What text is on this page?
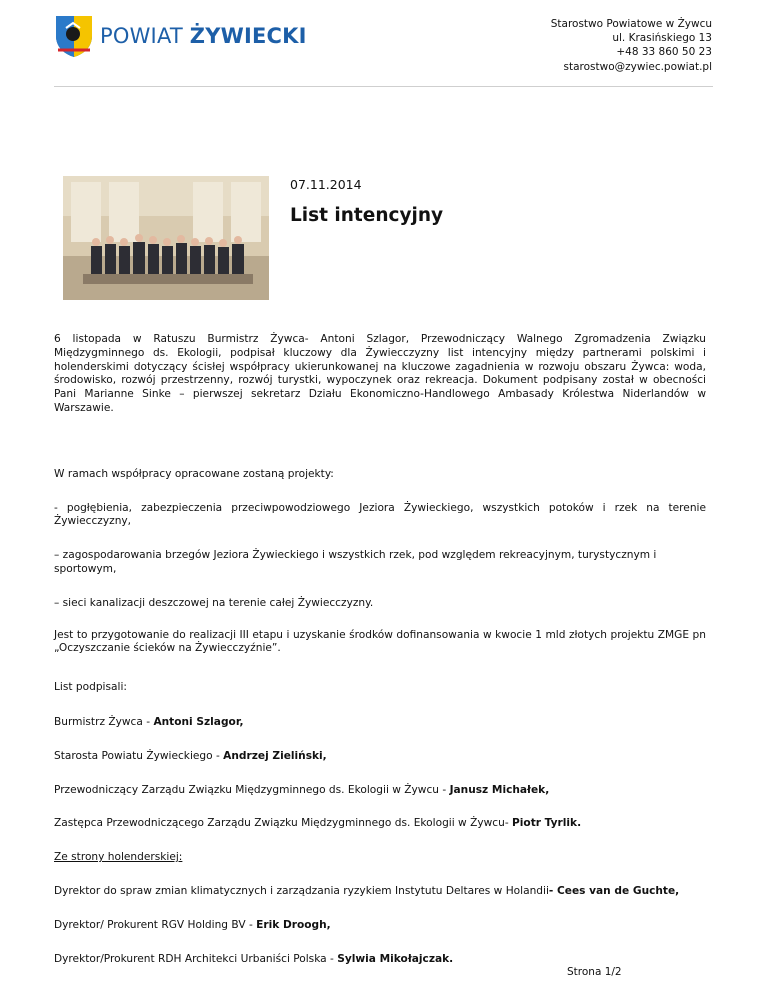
POWIAT ŻYWIECKI	Starostwo Powiatowe w Żywcu
ul. Krasińskiego 13
+48 33 860 50 23
starostwo@zywiec.powiat.pl
07.11.2014
List intencyjny

6 listopada w Ratuszu Burmistrz Żywca- Antoni Szlagor, Przewodniczący Walnego Zgromadzenia Związku Międzygminnego ds. Ekologii, podpisał kluczowy dla Żywiecczyzny list intencyjny między partnerami polskimi i holenderskimi dotyczący ścisłej współpracy ukierunkowanej na kluczowe zagadnienia w rozwoju obszaru Żywca: woda, środowisko, rozwój przestrzenny, rozwój turystki, wypoczynek oraz rekreacja. Dokument podpisany został w obecności Pani Marianne Sinke – pierwszej sekretarz Działu Ekonomiczno-Handlowego Ambasady Królestwa Niderlandów w Warszawie.

W ramach współpracy opracowane zostaną projekty:

- pogłębienia, zabezpieczenia przeciwpowodziowego Jeziora Żywieckiego, wszystkich potoków i rzek na terenie Żywiecczyzny,

– zagospodarowania brzegów Jeziora Żywieckiego i wszystkich rzek, pod względem rekreacyjnym, turystycznym i sportowym,

– sieci kanalizacji deszczowej na terenie całej Żywiecczyzny.

Jest to przygotowanie do realizacji III etapu i uzyskanie środków dofinansowania w kwocie 1 mld złotych projektu ZMGE pn „Oczyszczanie ścieków na Żywiecczyźnie”.

List podpisali:

Burmistrz Żywca - Antoni Szlagor,

Starosta Powiatu Żywieckiego - Andrzej Zieliński,

Przewodniczący Zarządu Związku Międzygminnego ds. Ekologii w Żywcu - Janusz Michałek,

Zastępca Przewodniczącego Zarządu Związku Międzygminnego ds. Ekologii w Żywcu- Piotr Tyrlik.

Ze strony holenderskiej:

Dyrektor do spraw zmian klimatycznych i zarządzania ryzykiem Instytutu Deltares w Holandii- Cees van de Guchte,

Dyrektor/ Prokurent RGV Holding BV - Erik Droogh,

Dyrektor/Prokurent RDH Architekci Urbaniści Polska - Sylwia Mikołajczak.

Strona 1/2
